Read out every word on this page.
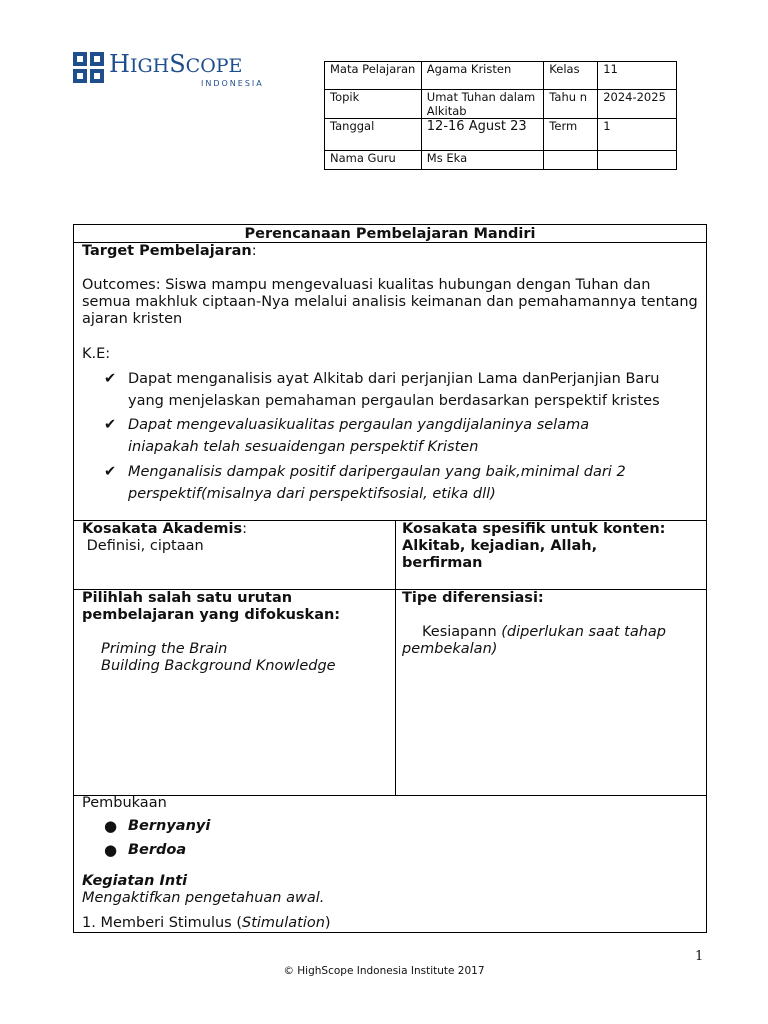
HIGHSCOPE
INDONESIA
Mata Pelajaran	Agama Kristen	Kelas	11
Topik	Umat Tuhan dalam Alkitab	Tahu n	2024-2025
Tanggal	12-16 Agust 23	Term	1
Nama Guru	Ms Eka		
Perencanaan Pembelajaran Mandiri
Target Pembelajaran:
Outcomes: Siswa mampu mengevaluasi kualitas hubungan dengan Tuhan dan semua makhluk ciptaan-Nya melalui analisis keimanan dan pemahamannya tentang ajaran kristen
K.E:
✔ Dapat menganalisis ayat Alkitab dari perjanjian Lama danPerjanjian Baru
yang menjelaskan pemahaman pergaulan berdasarkan perspektif kristes
✔ Dapat mengevaluasikualitas pergaulan yangdijalaninya selama
iniapakah telah sesuaidengan perspektif Kristen
✔ Menganalisis dampak positif daripergaulan yang baik,minimal dari 2
perspektif(misalnya dari perspektifsosial, etika dll)
Kosakata Akademis:
Definisi, ciptaan
Kosakata spesifik untuk konten:
Alkitab, kejadian, Allah,
berfirman
Pilihlah salah satu urutan
pembelajaran yang difokuskan:
Priming the Brain
Building Background Knowledge
Tipe diferensiasi:
Kesiapann (diperlukan saat tahap
pembekalan)
Pembukaan
● Bernyanyi
● Berdoa
Kegiatan Inti
Mengaktifkan pengetahuan awal.
1. Memberi Stimulus (Stimulation)
1
© HighScope Indonesia Institute 2017
